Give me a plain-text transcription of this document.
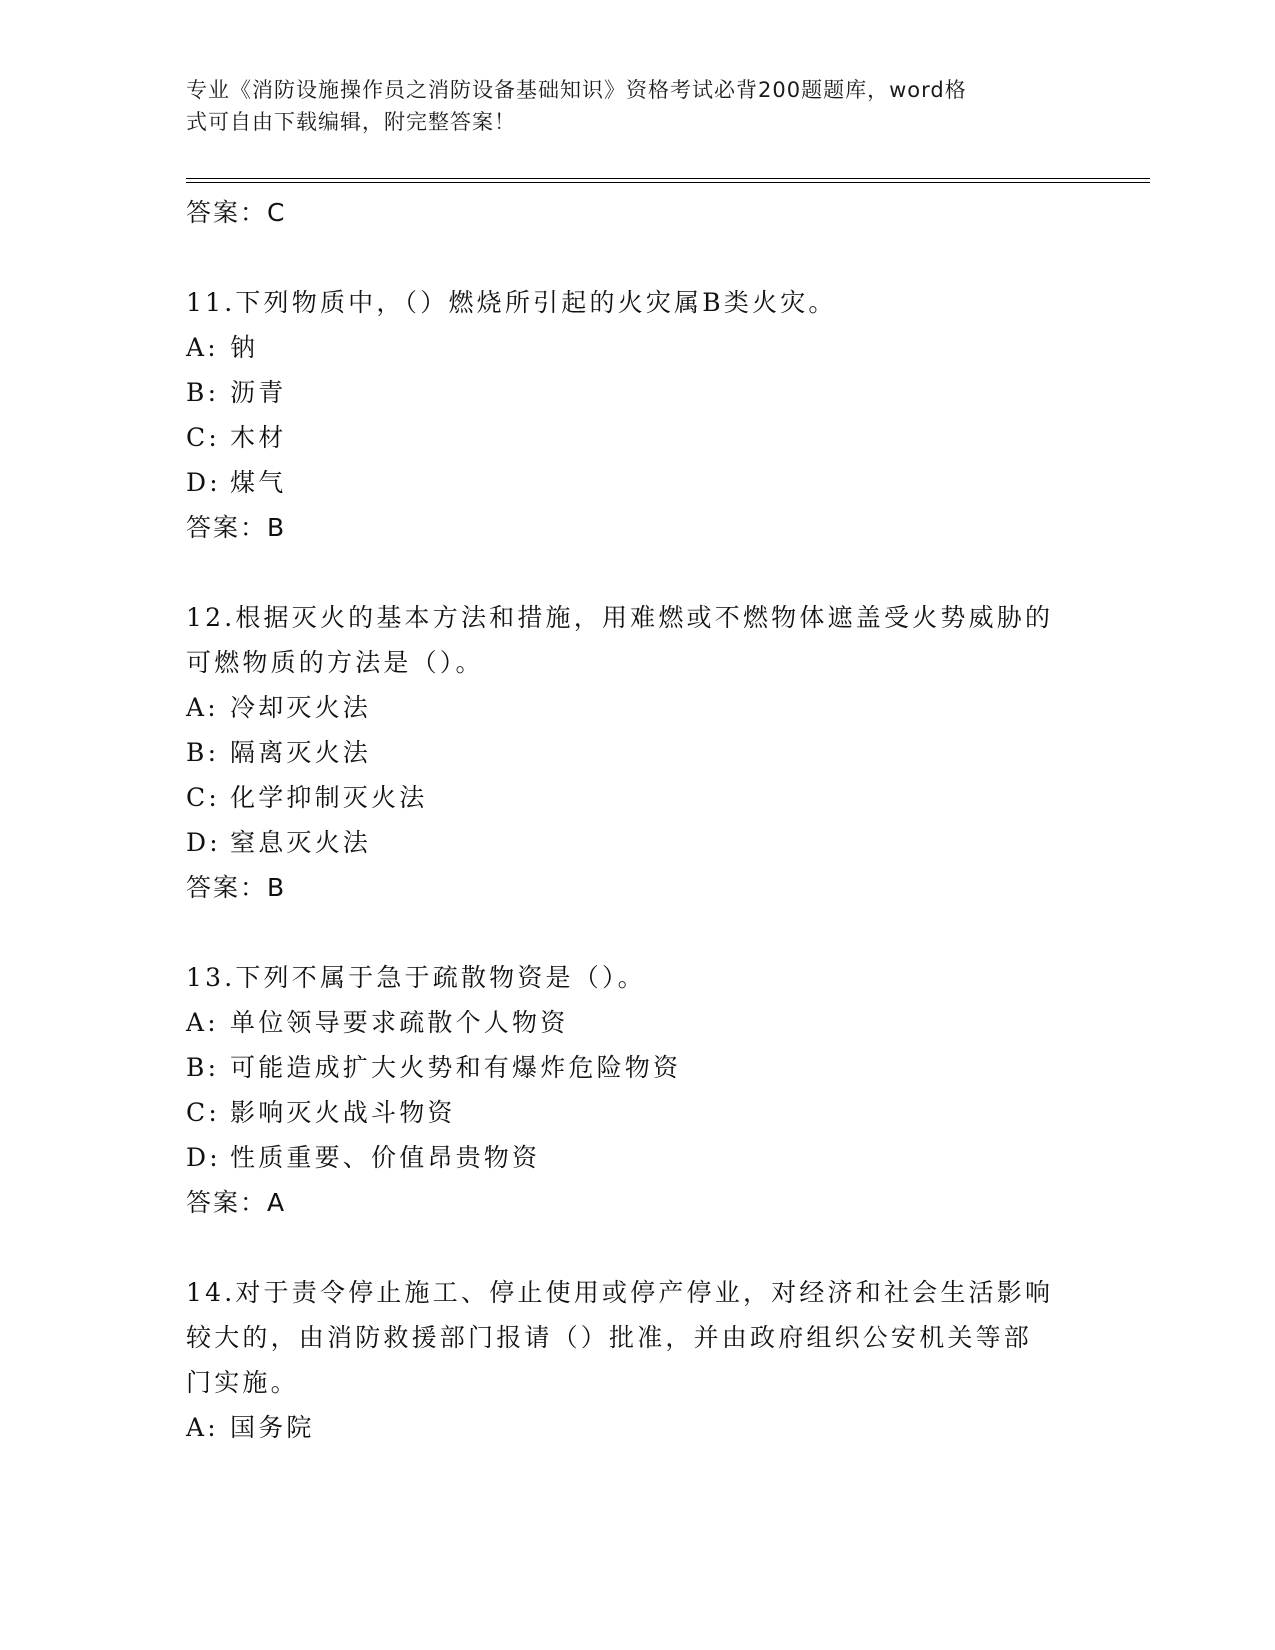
专业《消防设施操作员之消防设备基础知识》资格考试必背200题题库，word格
式可自由下载编辑，附完整答案！
答案： C
11.下列物质中，（）燃烧所引起的火灾属B类火灾。
A: 钠
B: 沥青
C: 木材
D: 煤气
答案： B
12.根据灭火的基本方法和措施，用难燃或不燃物体遮盖受火势威胁的
可燃物质的方法是（）。
A: 冷却灭火法
B: 隔离灭火法
C: 化学抑制灭火法
D: 窒息灭火法
答案： B
13.下列不属于急于疏散物资是（）。
A: 单位领导要求疏散个人物资
B: 可能造成扩大火势和有爆炸危险物资
C: 影响灭火战斗物资
D: 性质重要、价值昂贵物资
答案： A
14.对于责令停止施工、停止使用或停产停业，对经济和社会生活影响
较大的，由消防救援部门报请（）批准，并由政府组织公安机关等部
门实施。
A: 国务院
